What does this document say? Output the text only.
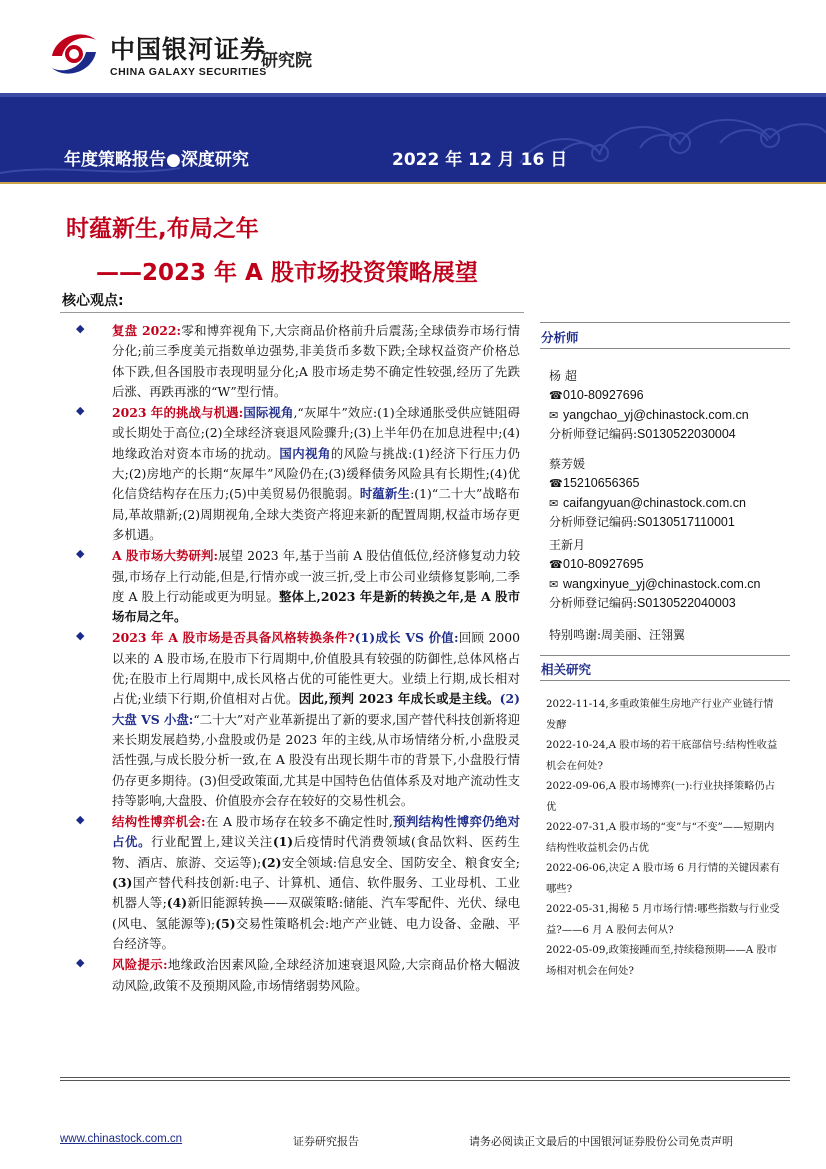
中国银河证券
CHINA GALAXY SECURITIES
研究院
年度策略报告●深度研究	2022 年 12 月 16 日
时蕴新生,布局之年
——2023 年 A 股市场投资策略展望
核心观点:
◆ 复盘 2022:零和博弈视角下,大宗商品价格前升后震荡;全球债券市场行情分化;前三季度美元指数单边强势,非美货币多数下跌;全球权益资产价格总体下跌,但各国股市表现明显分化;A 股市场走势不确定性较强,经历了先跌后涨、再跌再涨的“W”型行情。
◆ 2023 年的挑战与机遇:国际视角,“灰犀牛”效应:(1)全球通胀受供应链阻碍或长期处于高位;(2)全球经济衰退风险骤升;(3)上半年仍在加息进程中;(4)地缘政治对资本市场的扰动。国内视角的风险与挑战:(1)经济下行压力仍大;(2)房地产的长期“灰犀牛”风险仍在;(3)缓释债务风险具有长期性;(4)优化信贷结构存在压力;(5)中美贸易仍很脆弱。时蕴新生:(1)“二十大”战略布局,革故鼎新;(2)周期视角,全球大类资产将迎来新的配置周期,权益市场存更多机遇。
◆ A 股市场大势研判:展望 2023 年,基于当前 A 股估值低位,经济修复动力较强,市场存上行动能,但是,行情亦或一波三折,受上市公司业绩修复影响,二季度 A 股上行动能或更为明显。整体上,2023 年是新的转换之年,是 A 股市场布局之年。
◆ 2023 年 A 股市场是否具备风格转换条件?(1)成长 VS 价值:回顾 2000 以来的 A 股市场,在股市下行周期中,价值股具有较强的防御性,总体风格占优;在股市上行周期中,成长风格占优的可能性更大。业绩上行期,成长相对占优;业绩下行期,价值相对占优。因此,预判 2023 年成长或是主线。(2)大盘 VS 小盘:“二十大”对产业革新提出了新的要求,国产替代科技创新将迎来长期发展趋势,小盘股或仍是 2023 年的主线,从市场情绪分析,小盘股灵活性强,与成长股分析一致,在 A 股没有出现长期牛市的背景下,小盘股行情仍存更多期待。(3)但受政策面,尤其是中国特色估值体系及对地产流动性支持等影响,大盘股、价值股亦会存在较好的交易性机会。
◆ 结构性博弈机会:在 A 股市场存在较多不确定性时,预判结构性博弈仍绝对占优。行业配置上,建议关注(1)后疫情时代消费领域(食品饮料、医药生物、酒店、旅游、交运等);(2)安全领域:信息安全、国防安全、粮食安全;(3)国产替代科技创新:电子、计算机、通信、软件服务、工业母机、工业机器人等;(4)新旧能源转换——双碳策略:储能、汽车零配件、光伏、绿电(风电、氢能源等);(5)交易性策略机会:地产产业链、电力设备、金融、平台经济等。
◆ 风险提示:地缘政治因素风险,全球经济加速衰退风险,大宗商品价格大幅波动风险,政策不及预期风险,市场情绪弱势风险。
分析师
杨 超
☎010-80927696
✉ yangchao_yj@chinastock.com.cn
分析师登记编码:S0130522030004
蔡芳媛
☎15210656365
✉ caifangyuan@chinastock.com.cn
分析师登记编码:S0130517110001
王新月
☎010-80927695
✉ wangxinyue_yj@chinastock.com.cn
分析师登记编码:S0130522040003
特别鸣谢:周美丽、汪翎翼
相关研究
2022-11-14,多重政策催生房地产行业产业链行情发酵
2022-10-24,A 股市场的若干底部信号:结构性收益机会在何处?
2022-09-06,A 股市场博弈(一):行业抉择策略仍占优
2022-07-31,A 股市场的“变”与“不变”——短期内结构性收益机会仍占优
2022-06-06,决定 A 股市场 6 月行情的关键因素有哪些?
2022-05-31,揭秘 5 月市场行情:哪些指数与行业受益?——6 月 A 股何去何从?
2022-05-09,政策接踵而至,持续稳预期——A 股市场相对机会在何处?
www.chinastock.com.cn	证券研究报告	请务必阅读正文最后的中国银河证券股份公司免责声明
